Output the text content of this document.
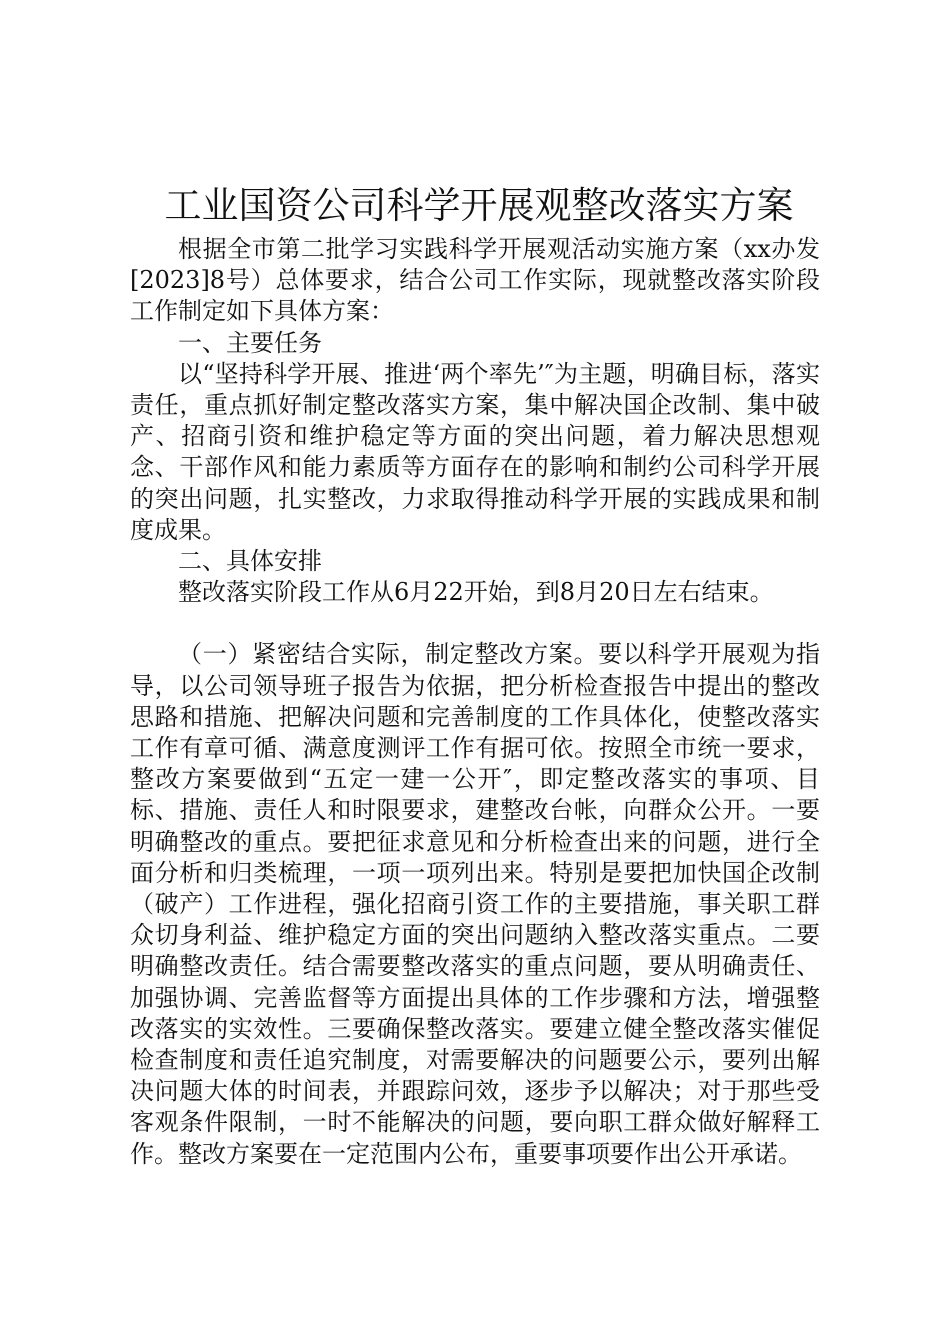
工业国资公司科学开展观整改落实方案

根据全市第二批学习实践科学开展观活动实施方案（xx办发[2023]8号）总体要求，结合公司工作实际，现就整改落实阶段工作制定如下具体方案：

一、主要任务

以“坚持科学开展、推进‘两个率先’″为主题，明确目标，落实责任，重点抓好制定整改落实方案，集中解决国企改制、集中破产、招商引资和维护稳定等方面的突出问题，着力解决思想观念、干部作风和能力素质等方面存在的影响和制约公司科学开展的突出问题，扎实整改，力求取得推动科学开展的实践成果和制度成果。

二、具体安排

整改落实阶段工作从6月22开始，到8月20日左右结束。

（一）紧密结合实际，制定整改方案。要以科学开展观为指导，以公司领导班子报告为依据，把分析检查报告中提出的整改思路和措施、把解决问题和完善制度的工作具体化，使整改落实工作有章可循、满意度测评工作有据可依。按照全市统一要求，整改方案要做到“五定一建一公开″，即定整改落实的事项、目标、措施、责任人和时限要求，建整改台帐，向群众公开。一要明确整改的重点。要把征求意见和分析检查出来的问题，进行全面分析和归类梳理，一项一项列出来。特别是要把加快国企改制（破产）工作进程，强化招商引资工作的主要措施，事关职工群众切身利益、维护稳定方面的突出问题纳入整改落实重点。二要明确整改责任。结合需要整改落实的重点问题，要从明确责任、加强协调、完善监督等方面提出具体的工作步骤和方法，增强整改落实的实效性。三要确保整改落实。要建立健全整改落实催促检查制度和责任追究制度，对需要解决的问题要公示，要列出解决问题大体的时间表，并跟踪问效，逐步予以解决；对于那些受客观条件限制，一时不能解决的问题，要向职工群众做好解释工作。整改方案要在一定范围内公布，重要事项要作出公开承诺。
